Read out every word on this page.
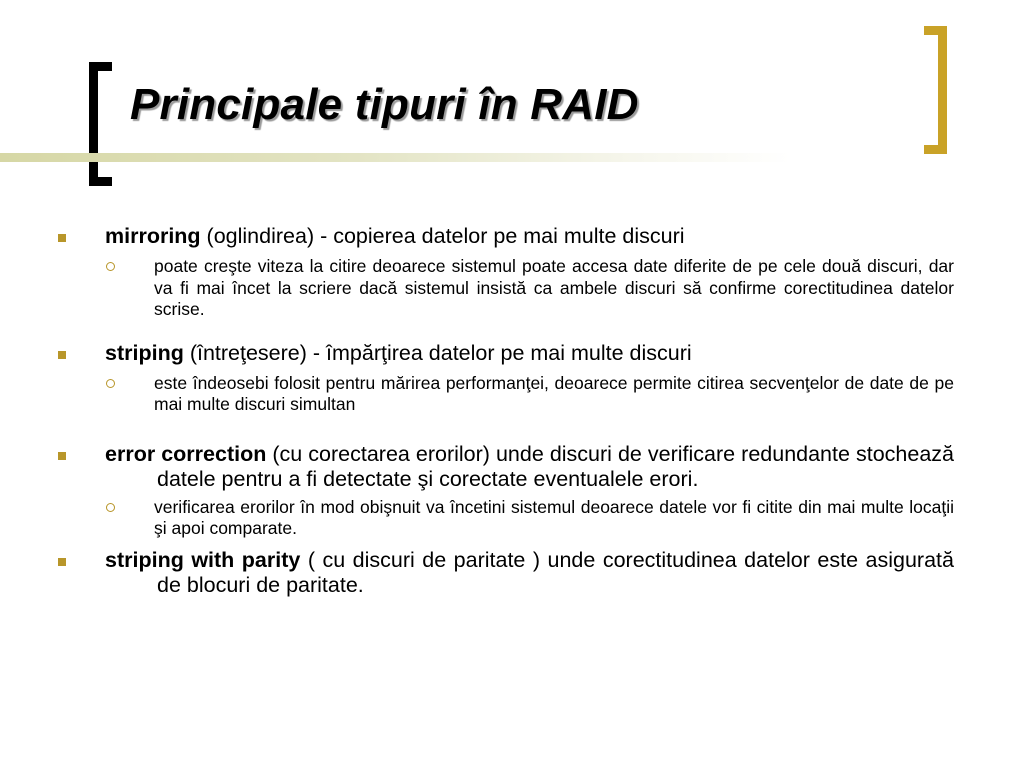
Principale tipuri în RAID
mirroring (oglindirea) - copierea datelor pe mai multe discuri
poate creşte viteza la citire deoarece sistemul poate accesa date diferite de pe cele două discuri, dar va fi mai încet la scriere dacă sistemul insistă ca ambele discuri să confirme corectitudinea datelor scrise.
striping (întreţesere) - împărţirea datelor pe mai multe discuri
este îndeosebi folosit pentru mărirea performanţei, deoarece permite citirea secvenţelor de date de pe mai multe discuri simultan
error correction (cu corectarea erorilor) unde discuri de verificare redundante stochează datele pentru a fi detectate şi corectate eventualele erori.
verificarea erorilor în mod obişnuit va încetini sistemul deoarece datele vor fi citite din mai multe locaţii şi apoi comparate.
striping with parity ( cu discuri de paritate ) unde corectitudinea datelor este asigurată de blocuri de paritate.
